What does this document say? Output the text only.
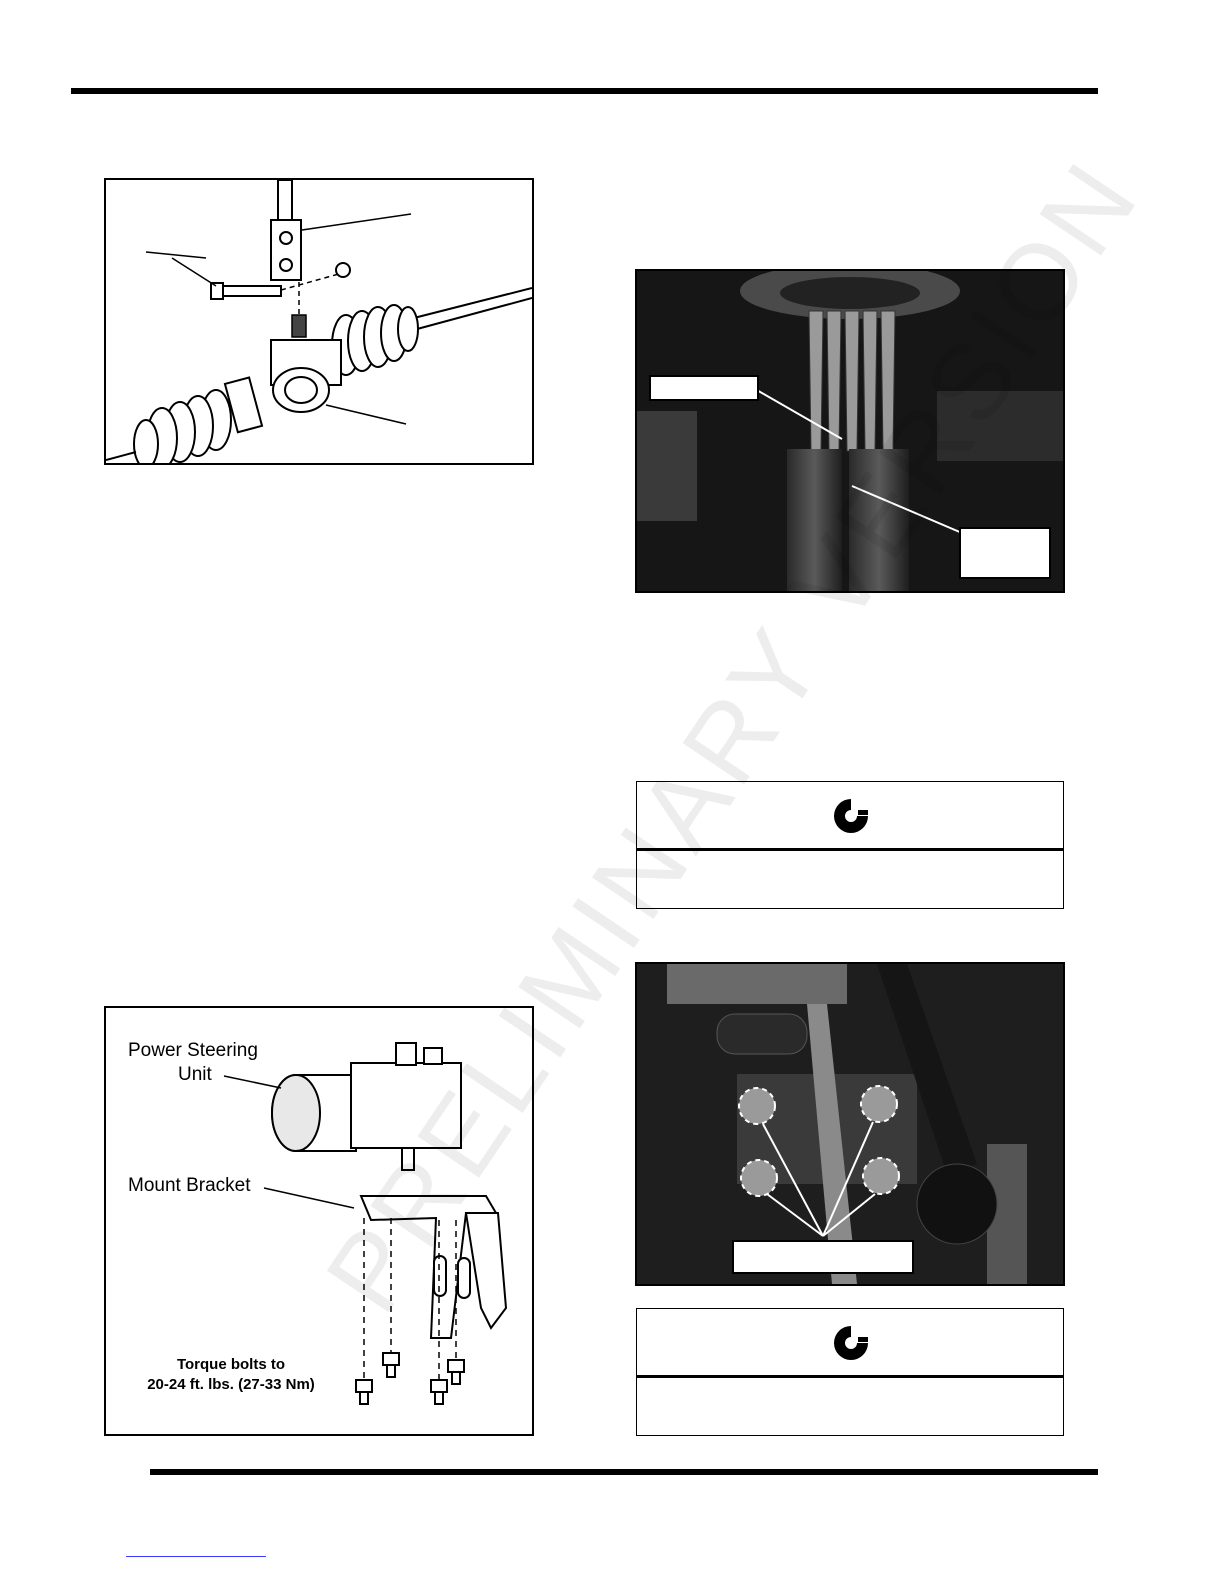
Power Steering
Unit
Mount Bracket
Torque bolts to
20-24 ft. lbs. (27-33 Nm)
PRELIMINARY VERSION
